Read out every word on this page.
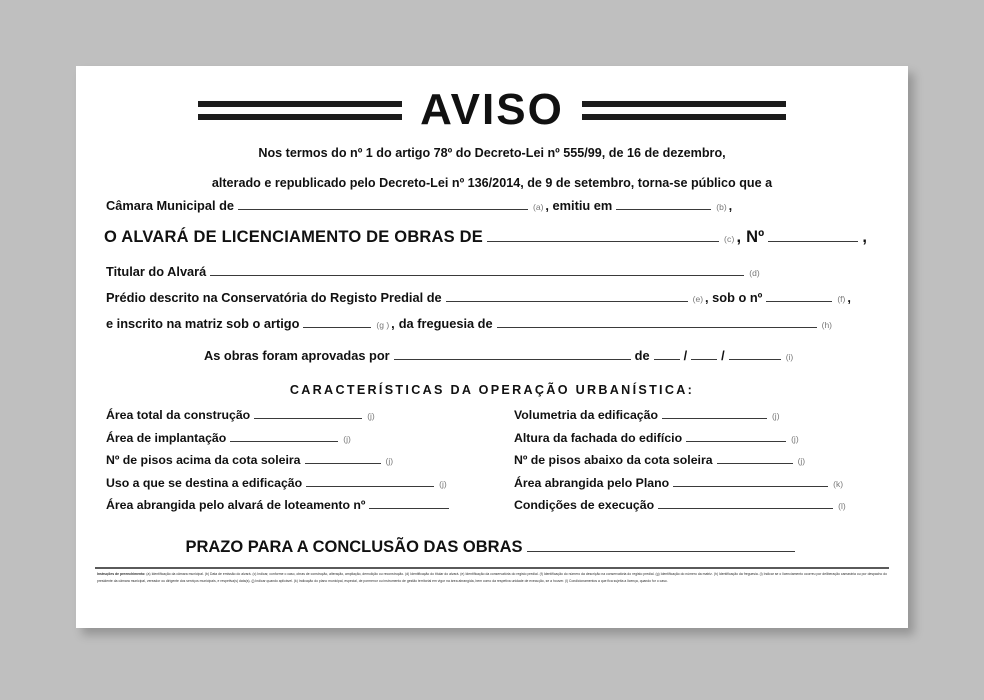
AVISO
Nos termos do nº 1 do artigo 78º do Decreto-Lei nº 555/99, de 16 de dezembro,
alterado e republicado pelo Decreto-Lei nº 136/2014, de 9 de setembro, torna-se público que a
Câmara Municipal de	(a) , emitiu em	(b) ,
O ALVARÁ DE LICENCIAMENTO DE OBRAS DE	(c) , Nº	,
Titular do Alvará	(d)
Prédio descrito na Conservatória do Registo Predial de	(e) , sob o nº	(f) ,
e inscrito na matriz sob o artigo	(g ) , da freguesia de	(h)
As obras foram aprovadas por	de	/	/	(i)
CARACTERÍSTICAS DA OPERAÇÃO URBANÍSTICA:
Área total da construção	(j)	Volumetria da edificação	(j)
Área de implantação	(j)	Altura da fachada do edifício	(j)
Nº de pisos acima da cota soleira	(j)	Nº de pisos abaixo da cota soleira	(j)
Uso a que se destina a edificação	(j)	Área abrangida pelo Plano	(k)
Área abrangida pelo alvará de loteamento nº	Condições de execução	(l)
PRAZO PARA A CONCLUSÃO DAS OBRAS
Instruções de preenchimento: (a) Identificação da câmara municipal. (b) Data de emissão do alvará. (c) Indicar, conforme o caso, obras de construção, alteração, ampliação, demolição ou reconstrução. (d) Identificação do titular do alvará. (e) Identificação da conservatória do registo predial. (f) Identificação do número da descrição na conservatória do registo predial. (g) Identificação do número da matriz. (h) Identificação da freguesia. (i) Indicar se o licenciamento ocorreu por deliberação camarária ou por despacho do presidente da câmara municipal, vereador ou dirigente dos serviços municipais, e respetiva(s) data(s). (j) Indicar quando aplicável. (k) Indicação do plano municipal, especial, de pormenor ou instrumento de gestão territorial em vigor na área abrangida, bem como da respetiva unidade de execução, se a houver. (l) Condicionamentos a que fica sujeita a licença, quando for o caso.
